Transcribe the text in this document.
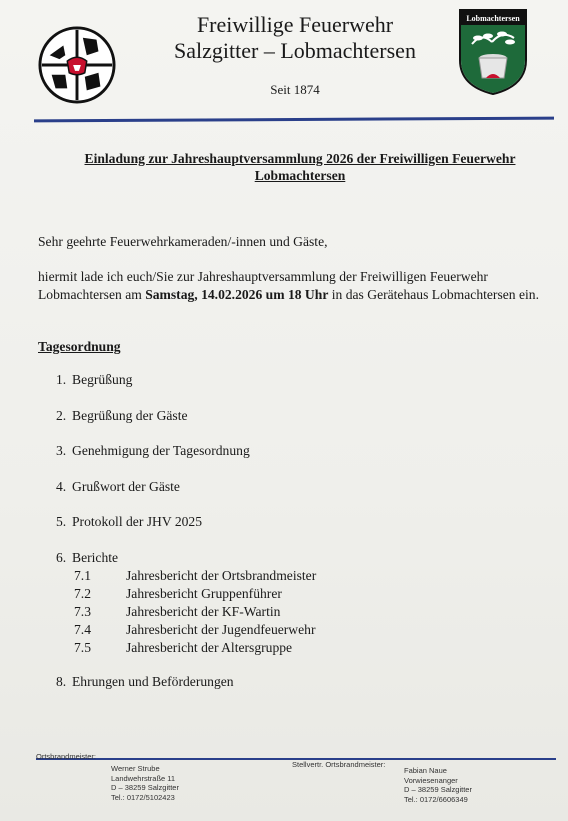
Freiwillige Feuerwehr
Salzgitter – Lobmachtersen
Seit 1874
Lobmachtersen
Einladung zur Jahreshauptversammlung 2026 der Freiwilligen Feuerwehr Lobmachtersen
Sehr geehrte Feuerwehrkameraden/-innen und Gäste,
hiermit lade ich euch/Sie zur Jahreshauptversammlung der Freiwilligen Feuerwehr Lobmachtersen am Samstag, 14.02.2026 um 18 Uhr in das Gerätehaus Lobmachtersen ein.
Tagesordnung
1. Begrüßung
2. Begrüßung der Gäste
3. Genehmigung der Tagesordnung
4. Grußwort der Gäste
5. Protokoll der JHV 2025
6. Berichte
7.1	Jahresbericht der Ortsbrandmeister
7.2	Jahresbericht Gruppenführer
7.3	Jahresbericht der KF-Wartin
7.4	Jahresbericht der Jugendfeuerwehr
7.5	Jahresbericht der Altersgruppe
8. Ehrungen und Beförderungen
Ortsbrandmeister:
Werner Strube
Landwehrstraße 11
D – 38259 Salzgitter
Tel.: 0172/5102423
Stellvertr. Ortsbrandmeister:
Fabian Naue
Vorwiesenanger
D – 38259 Salzgitter
Tel.: 0172/6606349
